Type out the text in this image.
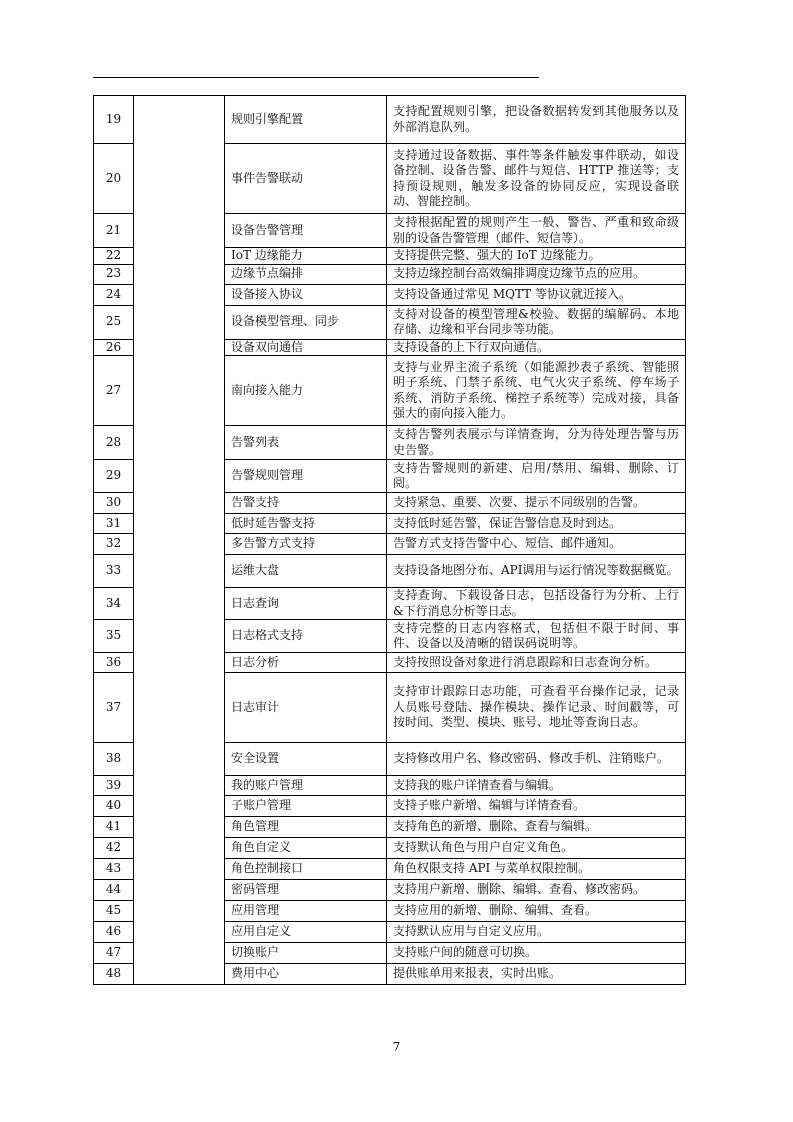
19		规则引擎配置	支持配置规则引擎，把设备数据转发到其他服务以及外部消息队列。
20		事件告警联动	支持通过设备数据、事件等条件触发事件联动，如设备控制、设备告警、邮件与短信、HTTP 推送等；支持预设规则，触发多设备的协同反应，实现设备联动、智能控制。
21		设备告警管理	支持根据配置的规则产生一般、警告、严重和致命级别的设备告警管理（邮件、短信等）。
22		IoT 边缘能力	支持提供完整、强大的 IoT 边缘能力。
23		边缘节点编排	支持边缘控制台高效编排调度边缘节点的应用。
24		设备接入协议	支持设备通过常见 MQTT 等协议就近接入。
25		设备模型管理、同步	支持对设备的模型管理&校验、数据的编解码、本地存储、边缘和平台同步等功能。
26		设备双向通信	支持设备的上下行双向通信。
27		南向接入能力	支持与业界主流子系统（如能源抄表子系统、智能照明子系统、门禁子系统、电气火灾子系统、停车场子系统、消防子系统、梯控子系统等）完成对接，具备强大的南向接入能力。
28		告警列表	支持告警列表展示与详情查询，分为待处理告警与历史告警。
29		告警规则管理	支持告警规则的新建、启用/禁用、编辑、删除、订阅。
30		告警支持	支持紧急、重要、次要、提示不同级别的告警。
31		低时延告警支持	支持低时延告警，保证告警信息及时到达。
32		多告警方式支持	告警方式支持告警中心、短信、邮件通知。
33		运维大盘	支持设备地图分布、API调用与运行情况等数据概览。
34		日志查询	支持查询、下载设备日志，包括设备行为分析、上行&下行消息分析等日志。
35		日志格式支持	支持完整的日志内容格式，包括但不限于时间、事件、设备以及清晰的错误码说明等。
36		日志分析	支持按照设备对象进行消息跟踪和日志查询分析。
37		日志审计	支持审计跟踪日志功能，可查看平台操作记录，记录人员账号登陆、操作模块、操作记录、时间戳等，可按时间、类型、模块、账号、地址等查询日志。
38		安全设置	支持修改用户名、修改密码、修改手机、注销账户。
39		我的账户管理	支持我的账户详情查看与编辑。
40		子账户管理	支持子账户新增、编辑与详情查看。
41		角色管理	支持角色的新增、删除、查看与编辑。
42		角色自定义	支持默认角色与用户自定义角色。
43		角色控制接口	角色权限支持 API 与菜单权限控制。
44		密码管理	支持用户新增、删除、编辑、查看、修改密码。
45		应用管理	支持应用的新增、删除、编辑、查看。
46		应用自定义	支持默认应用与自定义应用。
47		切换账户	支持账户间的随意可切换。
48		费用中心	提供账单用来报表，实时出账。
7
